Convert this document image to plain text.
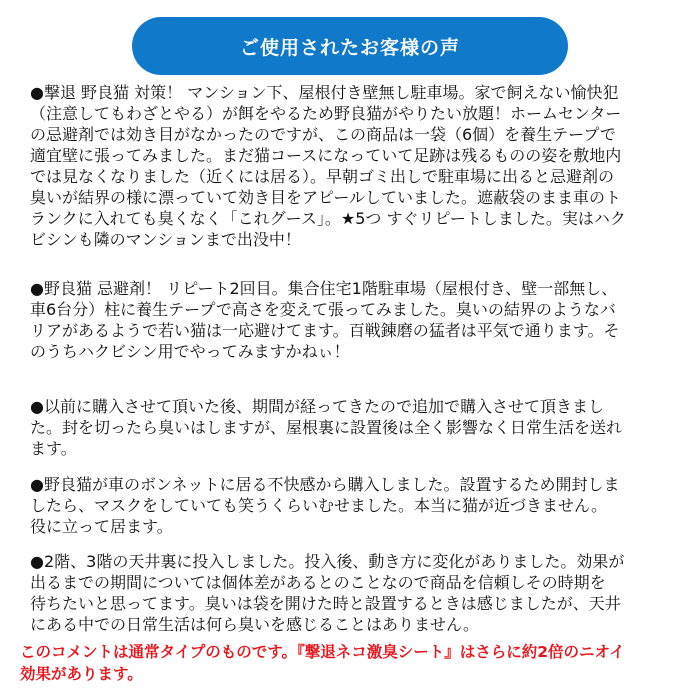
ご使用されたお客様の声
●撃退 野良猫 対策！ マンション下、屋根付き壁無し駐車場。家で飼えない愉快犯
（注意してもわざとやる）が餌をやるため野良猫がやりたい放題！ホームセンター
の忌避剤では効き目がなかったのですが、この商品は一袋（6個）を養生テープで
適宜壁に張ってみました。まだ猫コースになっていて足跡は残るものの姿を敷地内
では見なくなりました（近くには居る）。早朝ゴミ出しで駐車場に出ると忌避剤の
臭いが結界の様に漂っていて効き目をアピールしていました。遮蔽袋のまま車のト
ランクに入れても臭くなく「これグース」。★5つ すぐリピートしました。実はハク
ビシンも隣のマンションまで出没中！
●野良猫 忌避剤！ リピート2回目。集合住宅1階駐車場（屋根付き、壁一部無し、
車6台分）柱に養生テープで高さを変えて張ってみました。臭いの結界のようなバ
リアがあるようで若い猫は一応避けてます。百戦錬磨の猛者は平気で通ります。そ
のうちハクビシン用でやってみますかねぃ！
●以前に購入させて頂いた後、期間が経ってきたので追加で購入させて頂きまし
た。封を切ったら臭いはしますが、屋根裏に設置後は全く影響なく日常生活を送れ
ます。
●野良猫が車のボンネットに居る不快感から購入しました。設置するため開封しま
したら、マスクをしていても笑うくらいむせました。本当に猫が近づきません。
役に立って居ます。
●2階、3階の天井裏に投入しました。投入後、動き方に変化がありました。効果が
出るまでの期間については個体差があるとのことなので商品を信頼しその時期を
待ちたいと思ってます。臭いは袋を開けた時と設置するときは感じましたが、天井
にある中での日常生活は何ら臭いを感じることはありません。
このコメントは通常タイプのものです。『撃退ネコ激臭シート』はさらに約2倍のニオイ
効果があります。
